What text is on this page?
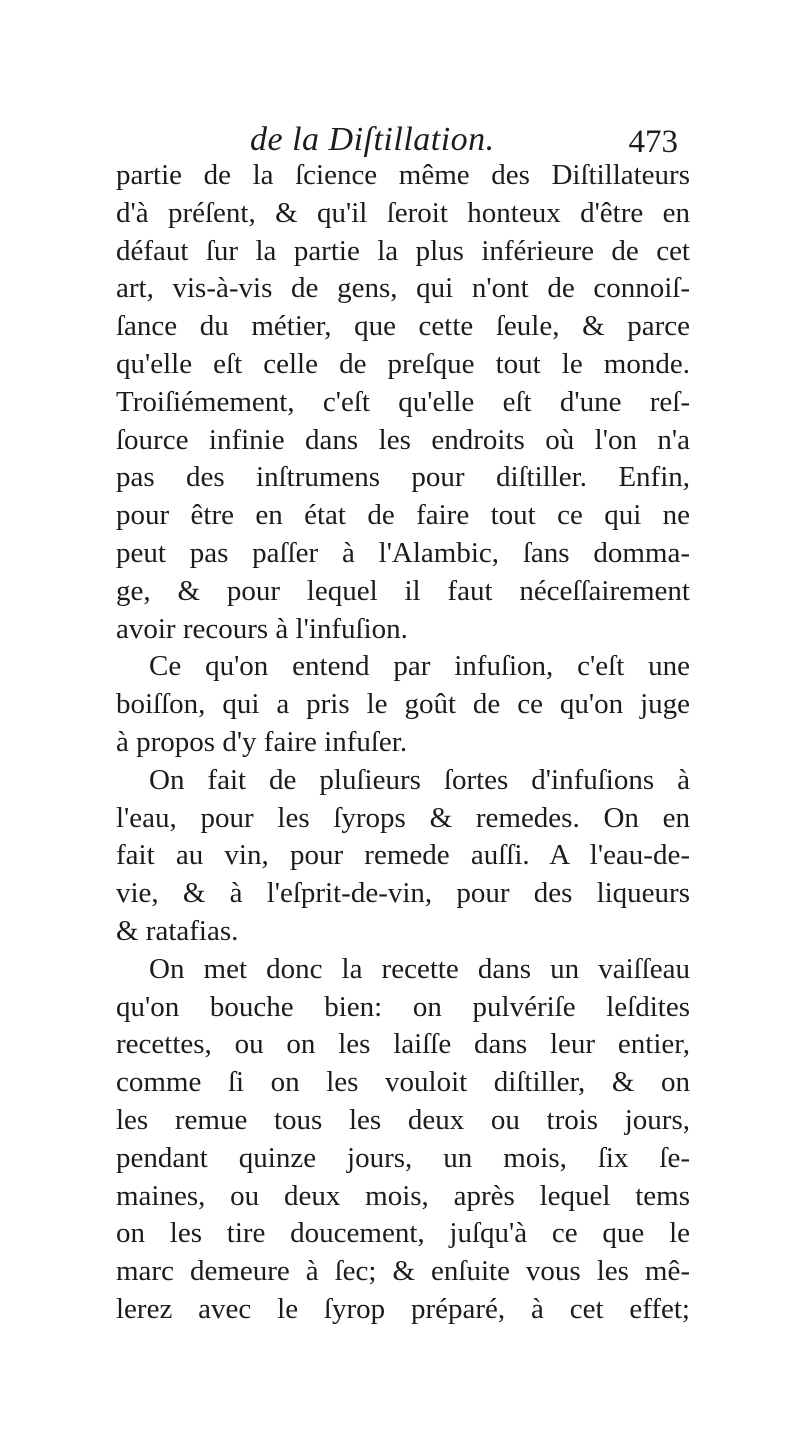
de la Diſtillation.	473
partie de la ſcience même des Diſtillateurs
d'à préſent, & qu'il ſeroit honteux d'être en
défaut ſur la partie la plus inférieure de cet
art, vis-à-vis de gens, qui n'ont de connoiſ-
ſance du métier, que cette ſeule, & parce
qu'elle eſt celle de preſque tout le monde.
Troiſiémement, c'eſt qu'elle eſt d'une reſ-
ſource infinie dans les endroits où l'on n'a
pas des inſtrumens pour diſtiller. Enfin,
pour être en état de faire tout ce qui ne
peut pas paſſer à l'Alambic, ſans domma-
ge, & pour lequel il faut néceſſairement
avoir recours à l'infuſion.
Ce qu'on entend par infuſion, c'eſt une
boiſſon, qui a pris le goût de ce qu'on juge
à propos d'y faire infuſer.
On fait de pluſieurs ſortes d'infuſions à
l'eau, pour les ſyrops & remedes. On en
fait au vin, pour remede auſſi. A l'eau-de-
vie, & à l'eſprit-de-vin, pour des liqueurs
& ratafias.
On met donc la recette dans un vaiſſeau
qu'on bouche bien: on pulvériſe leſdites
recettes, ou on les laiſſe dans leur entier,
comme ſi on les vouloit diſtiller, & on
les remue tous les deux ou trois jours,
pendant quinze jours, un mois, ſix ſe-
maines, ou deux mois, après lequel tems
on les tire doucement, juſqu'à ce que le
marc demeure à ſec; & enſuite vous les mê-
lerez avec le ſyrop préparé, à cet effet;
